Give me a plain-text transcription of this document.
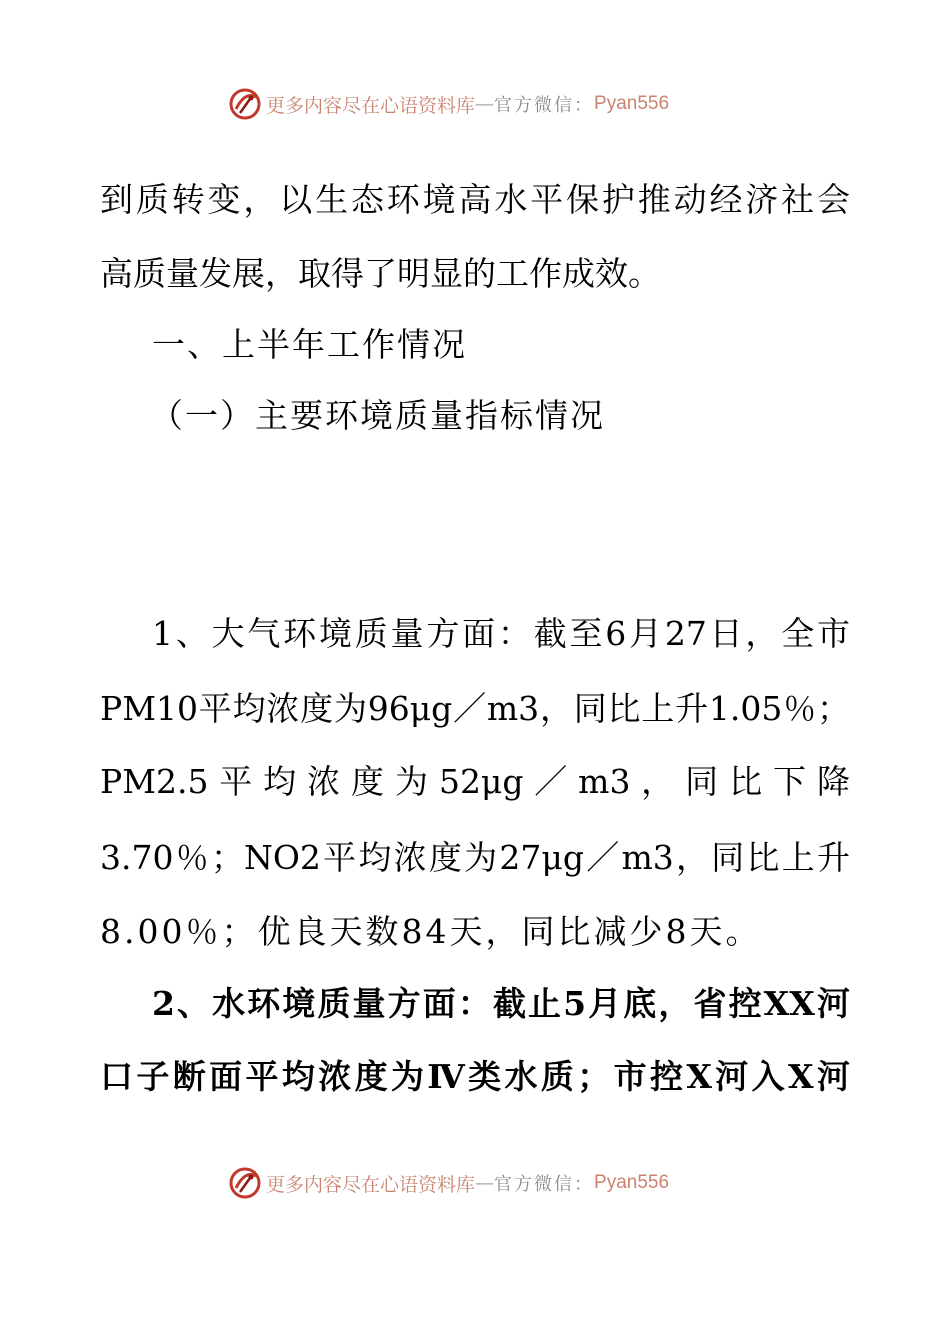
更多内容尽在心语资料库 — 官方微信： Pyan556
到质转变，以生态环境高水平保护推动经济社会
高质量发展，取得了明显的工作成效。
一、上半年工作情况
（一）主要环境质量指标情况
1、大气环境质量方面：截至6月27日，全市
PM10平均浓度为96μg／m3，同比上升1.05％；
PM2.5 平 均 浓 度 为 52μg ／ m3 ， 同 比 下 降
3.70％；NO2平均浓度为27μg／m3，同比上升
8.00％；优良天数84天，同比减少8天。
2、水环境质量方面：截止5月底，省控XX河
口子断面平均浓度为Ⅳ类水质；市控X河入X河
更多内容尽在心语资料库 — 官方微信： Pyan556
